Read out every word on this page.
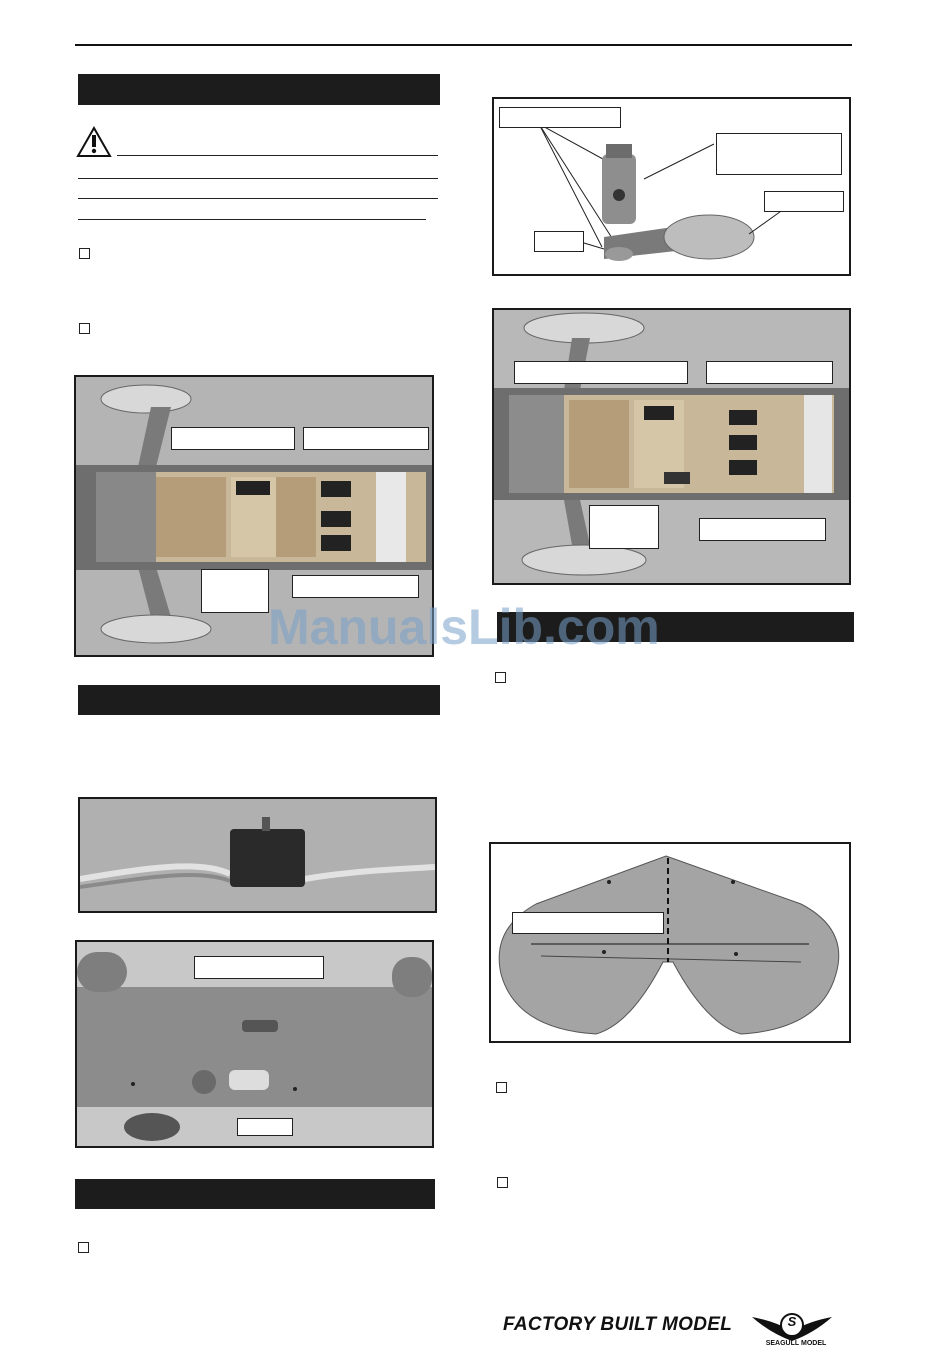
ManualsLib.com
FACTORY BUILT MODEL	S
SEAGULL MODEL
